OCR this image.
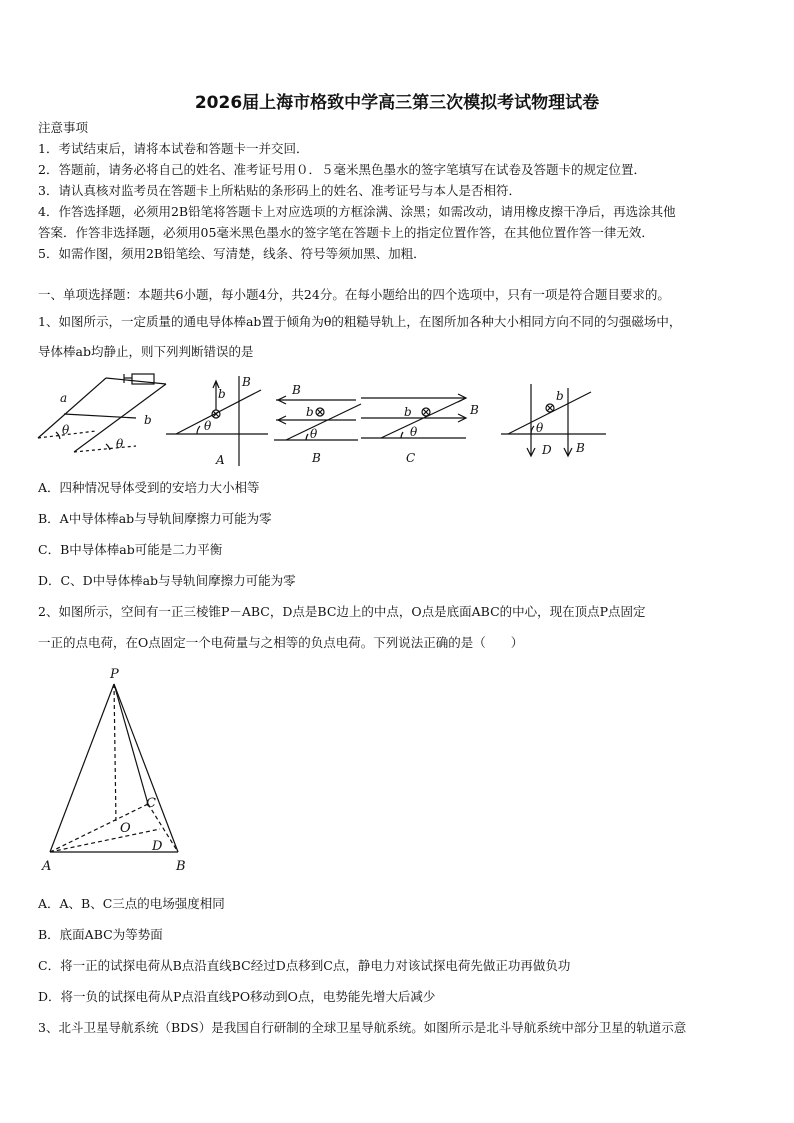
2026届上海市格致中学高三第三次模拟考试物理试卷
注意事项
1．考试结束后，请将本试卷和答题卡一并交回．
2．答题前，请务必将自己的姓名、准考证号用０．５毫米黑色墨水的签字笔填写在试卷及答题卡的规定位置．
3．请认真核对监考员在答题卡上所粘贴的条形码上的姓名、准考证号与本人是否相符．
4．作答选择题，必须用2B铅笔将答题卡上对应选项的方框涂满、涂黑；如需改动，请用橡皮擦干净后，再选涂其他
答案．作答非选择题，必须用05毫米黑色墨水的签字笔在答题卡上的指定位置作答，在其他位置作答一律无效．
5．如需作图，须用2B铅笔绘、写清楚，线条、符号等须加黑、加粗．
一、单项选择题：本题共6小题，每小题4分，共24分。在每小题给出的四个选项中，只有一项是符合题目要求的。
1、如图所示，一定质量的通电导体棒ab置于倾角为θ的粗糙导轨上，在图所加各种大小相同方向不同的匀强磁场中，
导体棒ab均静止，则下列判断错误的是
a
b
θ
θ
B
b
θ
A
B
b
θ
B
B
b
θ
C
b
θ
D B
A．四种情况导体受到的安培力大小相等
B．A中导体棒ab与导轨间摩擦力可能为零
C．B中导体棒ab可能是二力平衡
D．C、D中导体棒ab与导轨间摩擦力可能为零
2、如图所示，空间有一正三棱锥P－ABC，D点是BC边上的中点，O点是底面ABC的中心，现在顶点P点固定
一正的点电荷，在O点固定一个电荷量与之相等的负点电荷。下列说法正确的是（　　）
P
A	B
C
O
D
A．A、B、C三点的电场强度相同
B．底面ABC为等势面
C．将一正的试探电荷从B点沿直线BC经过D点移到C点，静电力对该试探电荷先做正功再做负功
D．将一负的试探电荷从P点沿直线PO移动到O点，电势能先增大后减少
3、北斗卫星导航系统（BDS）是我国自行研制的全球卫星导航系统。如图所示是北斗导航系统中部分卫星的轨道示意
